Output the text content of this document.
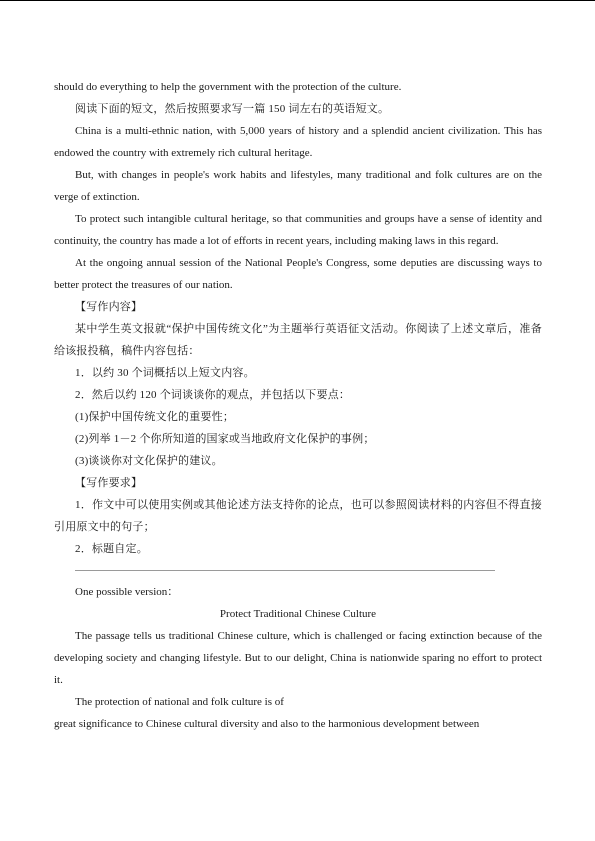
should do everything to help the government with the protection of the culture.

阅读下面的短文，然后按照要求写一篇 150 词左右的英语短文。

China is a multi-ethnic nation, with 5,000 years of history and a splendid ancient civilization. This has endowed the country with extremely rich cultural heritage.

But, with changes in people's work habits and lifestyles, many traditional and folk cultures are on the verge of extinction.

To protect such intangible cultural heritage, so that communities and groups have a sense of identity and continuity, the country has made a lot of efforts in recent years, including making laws in this regard.

At the ongoing annual session of the National People's Congress, some deputies are discussing ways to better protect the treasures of our nation.

【写作内容】

某中学生英文报就“保护中国传统文化”为主题举行英语征文活动。你阅读了上述文章后，准备给该报投稿，稿件内容包括：

1．以约 30 个词概括以上短文内容。

2．然后以约 120 个词谈谈你的观点，并包括以下要点：

(1)保护中国传统文化的重要性；

(2)列举 1－2 个你所知道的国家或当地政府文化保护的事例；

(3)谈谈你对文化保护的建议。

【写作要求】

1．作文中可以使用实例或其他论述方法支持你的论点，也可以参照阅读材料的内容但不得直接引用原文中的句子；

2．标题自定。

One possible version：

Protect Traditional Chinese Culture

The passage tells us traditional Chinese culture, which is challenged or facing extinction because of the developing society and changing lifestyle. But to our delight, China is nationwide sparing no effort to protect it.

The protection of national and folk culture is of

great significance to Chinese cultural diversity and also to the harmonious development between
